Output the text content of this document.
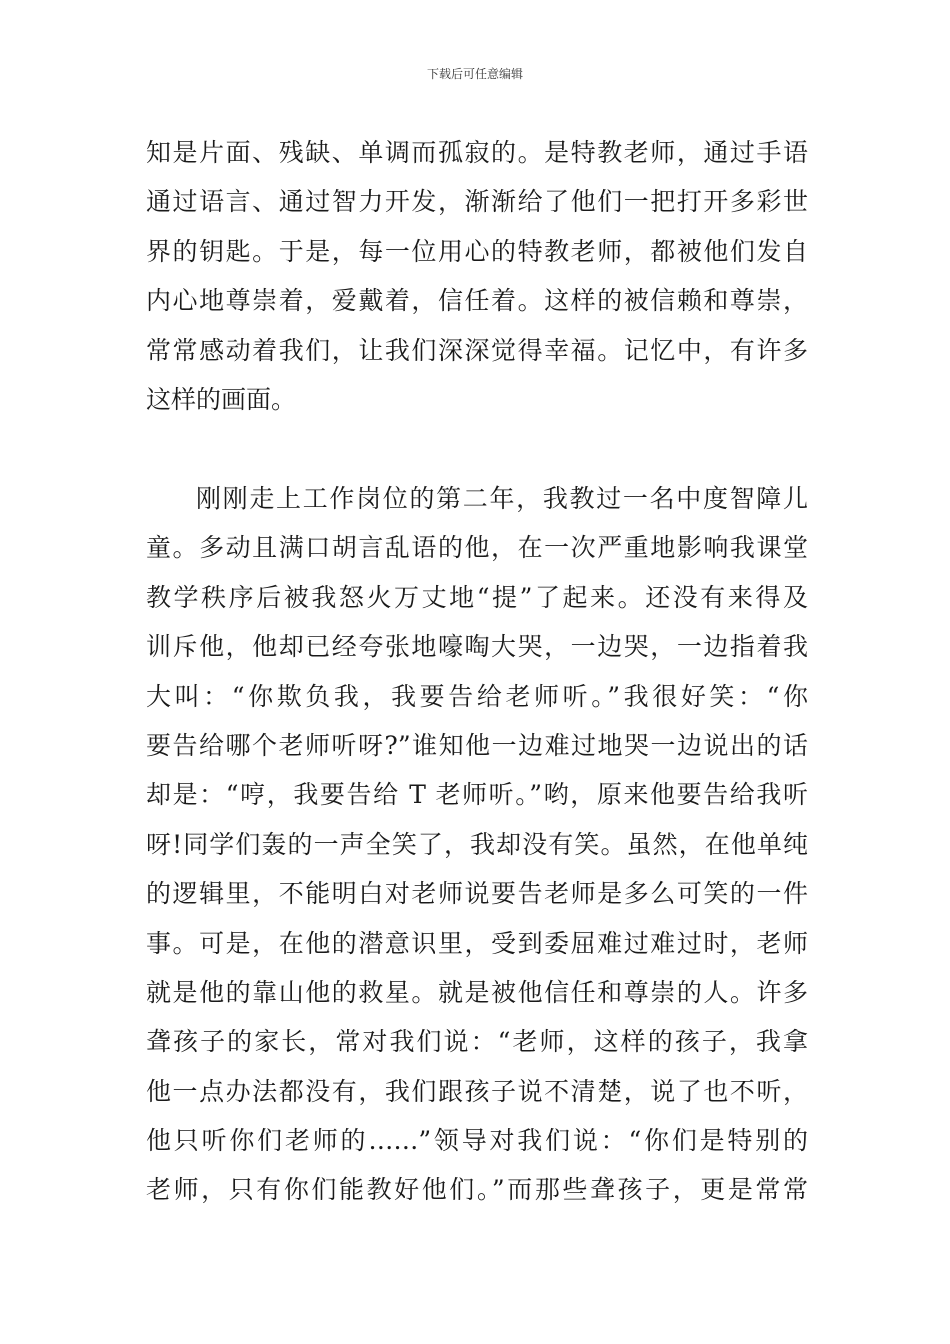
下载后可任意编辑
知是片面、残缺、单调而孤寂的。是特教老师，通过手语
通过语言、通过智力开发，渐渐给了他们一把打开多彩世
界的钥匙。于是，每一位用心的特教老师，都被他们发自
内心地尊崇着，爱戴着，信任着。这样的被信赖和尊崇，
常常感动着我们，让我们深深觉得幸福。记忆中，有许多
这样的画面。
刚刚走上工作岗位的第二年，我教过一名中度智障儿
童。多动且满口胡言乱语的他，在一次严重地影响我课堂
教学秩序后被我怒火万丈地“提”了起来。还没有来得及
训斥他，他却已经夸张地嚎啕大哭，一边哭，一边指着我
大叫：“你欺负我，我要告给老师听。”我很好笑：“你
要告给哪个老师听呀?”谁知他一边难过地哭一边说出的话
却是：“哼，我要告给 T 老师听。”哟，原来他要告给我听
呀!同学们轰的一声全笑了，我却没有笑。虽然，在他单纯
的逻辑里，不能明白对老师说要告老师是多么可笑的一件
事。可是，在他的潜意识里，受到委屈难过难过时，老师
就是他的靠山他的救星。就是被他信任和尊崇的人。许多
聋孩子的家长，常对我们说：“老师，这样的孩子，我拿
他一点办法都没有，我们跟孩子说不清楚，说了也不听，
他只听你们老师的……”领导对我们说：“你们是特别的
老师，只有你们能教好他们。”而那些聋孩子，更是常常
